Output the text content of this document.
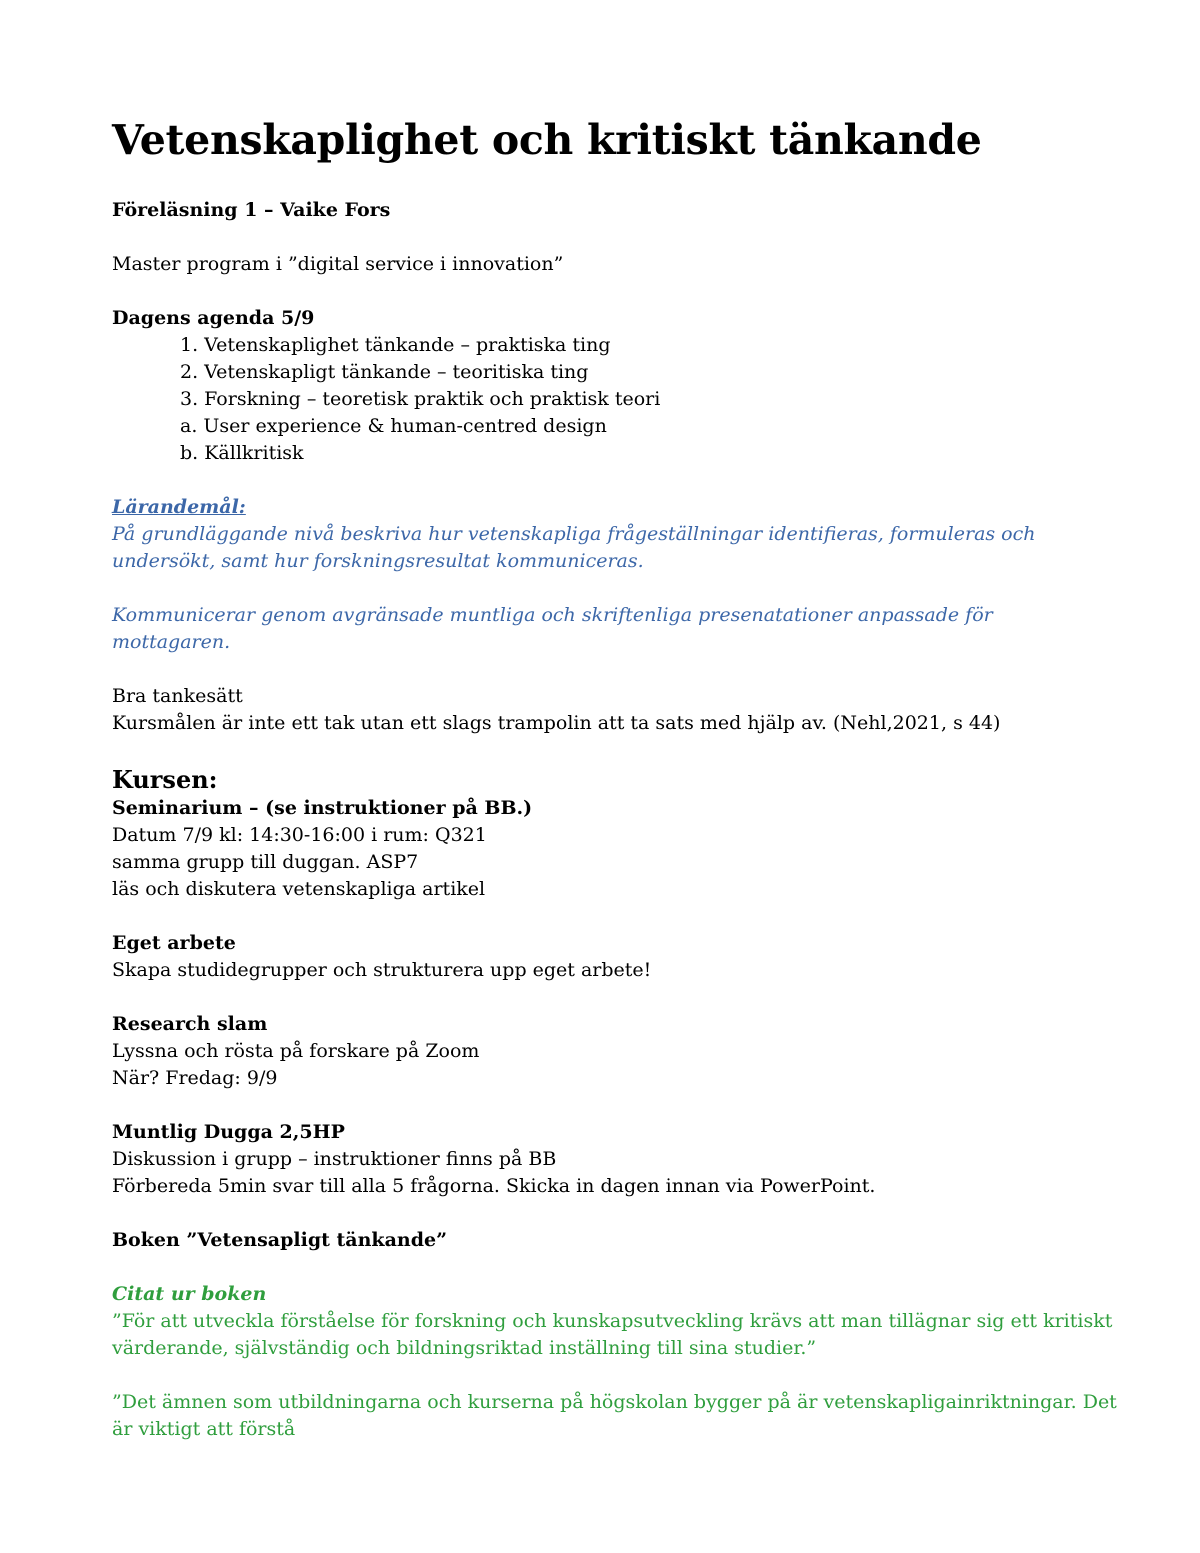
Vetenskaplighet och kritiskt tänkande

Föreläsning 1 – Vaike Fors

Master program i ”digital service i innovation”

Dagens agenda 5/9

1. Vetenskaplighet tänkande – praktiska ting
2. Vetenskapligt tänkande – teoritiska ting
3. Forskning – teoretisk praktik och praktisk teori
a. User experience & human-centred design
b. Källkritisk

Lärandemål:

På grundläggande nivå beskriva hur vetenskapliga frågeställningar identifieras, formuleras och

undersökt, samt hur forskningsresultat kommuniceras.

Kommunicerar genom avgränsade muntliga och skriftenliga presenatationer anpassade för

mottagaren.

Bra tankesätt

Kursmålen är inte ett tak utan ett slags trampolin att ta sats med hjälp av. (Nehl,2021, s 44)

Kursen:

Seminarium – (se instruktioner på BB.)

Datum 7/9 kl: 14:30-16:00 i rum: Q321

samma grupp till duggan. ASP7

läs och diskutera vetenskapliga artikel

Eget arbete

Skapa studidegrupper och strukturera upp eget arbete!

Research slam

Lyssna och rösta på forskare på Zoom

När? Fredag: 9/9

Muntlig Dugga 2,5HP

Diskussion i grupp – instruktioner finns på BB

Förbereda 5min svar till alla 5 frågorna. Skicka in dagen innan via PowerPoint.

Boken ”Vetensapligt tänkande”

Citat ur boken

”För att utveckla förståelse för forskning och kunskapsutveckling krävs att man tillägnar sig ett kritiskt

värderande, självständig och bildningsriktad inställning till sina studier.”

”Det ämnen som utbildningarna och kurserna på högskolan bygger på är vetenskapligainriktningar. Det

är viktigt att förstå
